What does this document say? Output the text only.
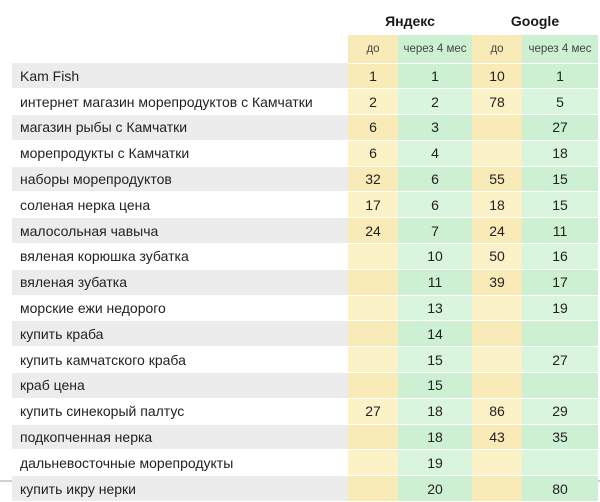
	Яндекс		Google	
	до	через 4 мес	до	через 4 мес
Kam Fish	1	1	10	1
интернет магазин морепродуктов с Камчатки	2	2	78	5
магазин рыбы с Камчатки	6	3		27
морепродукты с Камчатки	6	4		18
наборы морепродуктов	32	6	55	15
соленая нерка цена	17	6	18	15
малосольная чавыча	24	7	24	11
вяленая корюшка зубатка		10	50	16
вяленая зубатка		11	39	17
морские ежи недорого		13		19
купить краба		14		
купить камчатского краба		15		27
краб цена		15		
купить синекорый палтус	27	18	86	29
подкопченная нерка		18	43	35
дальневосточные морепродукты		19		
купить икру нерки		20		80
